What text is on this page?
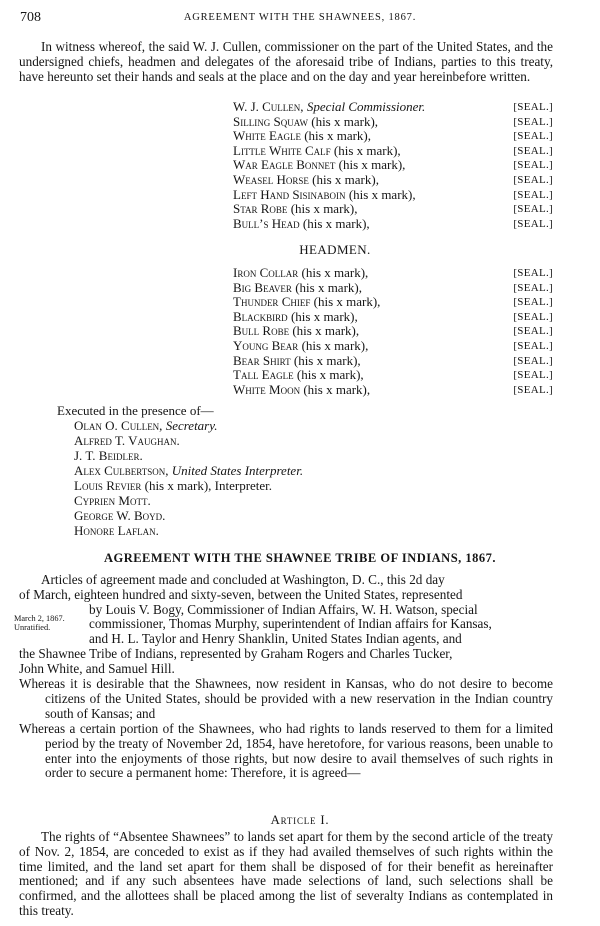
708	AGREEMENT WITH THE SHAWNEES, 1867.

In witness whereof, the said W. J. Cullen, commissioner on the part of the United States, and the undersigned chiefs, headmen and delegates of the aforesaid tribe of Indians, parties to this treaty, have hereunto set their hands and seals at the place and on the day and year hereinbefore written.

W. J. Cullen, Special Commissioner.	[SEAL.]
Silling Squaw (his x mark),	[SEAL.]
White Eagle (his x mark),	[SEAL.]
Little White Calf (his x mark),	[SEAL.]
War Eagle Bonnet (his x mark),	[SEAL.]
Weasel Horse (his x mark),	[SEAL.]
Left Hand Sisinaboin (his x mark),	[SEAL.]
Star Robe (his x mark),	[SEAL.]
Bull’s Head (his x mark),	[SEAL.]
HEADMEN.
Iron Collar (his x mark),	[SEAL.]
Big Beaver (his x mark),	[SEAL.]
Thunder Chief (his x mark),	[SEAL.]
Blackbird (his x mark),	[SEAL.]
Bull Robe (his x mark),	[SEAL.]
Young Bear (his x mark),	[SEAL.]
Bear Shirt (his x mark),	[SEAL.]
Tall Eagle (his x mark),	[SEAL.]
White Moon (his x mark),	[SEAL.]
Executed in the presence of—
Olan O. Cullen, Secretary.
Alfred T. Vaughan.
J. T. Beidler.
Alex Culbertson, United States Interpreter.
Louis Revier (his x mark), Interpreter.
Cyprien Mott.
George W. Boyd.
Honore Laflan.
AGREEMENT WITH THE SHAWNEE TRIBE OF INDIANS, 1867.
March 2, 1867.
Unratified.
Articles of agreement made and concluded at Washington, D. C., this 2d day
of March, eighteen hundred and sixty-seven, between the United States, represented
by Louis V. Bogy, Commissioner of Indian Affairs, W. H. Watson, special
commissioner, Thomas Murphy, superintendent of Indian affairs for Kansas,
and H. L. Taylor and Henry Shanklin, United States Indian agents, and
the Shawnee Tribe of Indians, represented by Graham Rogers and Charles Tucker,
John White, and Samuel Hill.

Whereas it is desirable that the Shawnees, now resident in Kansas, who do not desire to become citizens of the United States, should be provided with a new reservation in the Indian country south of Kansas; and

Whereas a certain portion of the Shawnees, who had rights to lands reserved to them for a limited period by the treaty of November 2d, 1854, have heretofore, for various reasons, been unable to enter into the enjoyments of those rights, but now desire to avail themselves of such rights in order to secure a permanent home: Therefore, it is agreed—

Article I.

The rights of “Absentee Shawnees” to lands set apart for them by the second article of the treaty of Nov. 2, 1854, are conceded to exist as if they had availed themselves of such rights within the time limited, and the land set apart for them shall be disposed of for their benefit as hereinafter mentioned; and if any such absentees have made selections of land, such selections shall be confirmed, and the allottees shall be placed among the list of severalty Indians as contemplated in this treaty.
